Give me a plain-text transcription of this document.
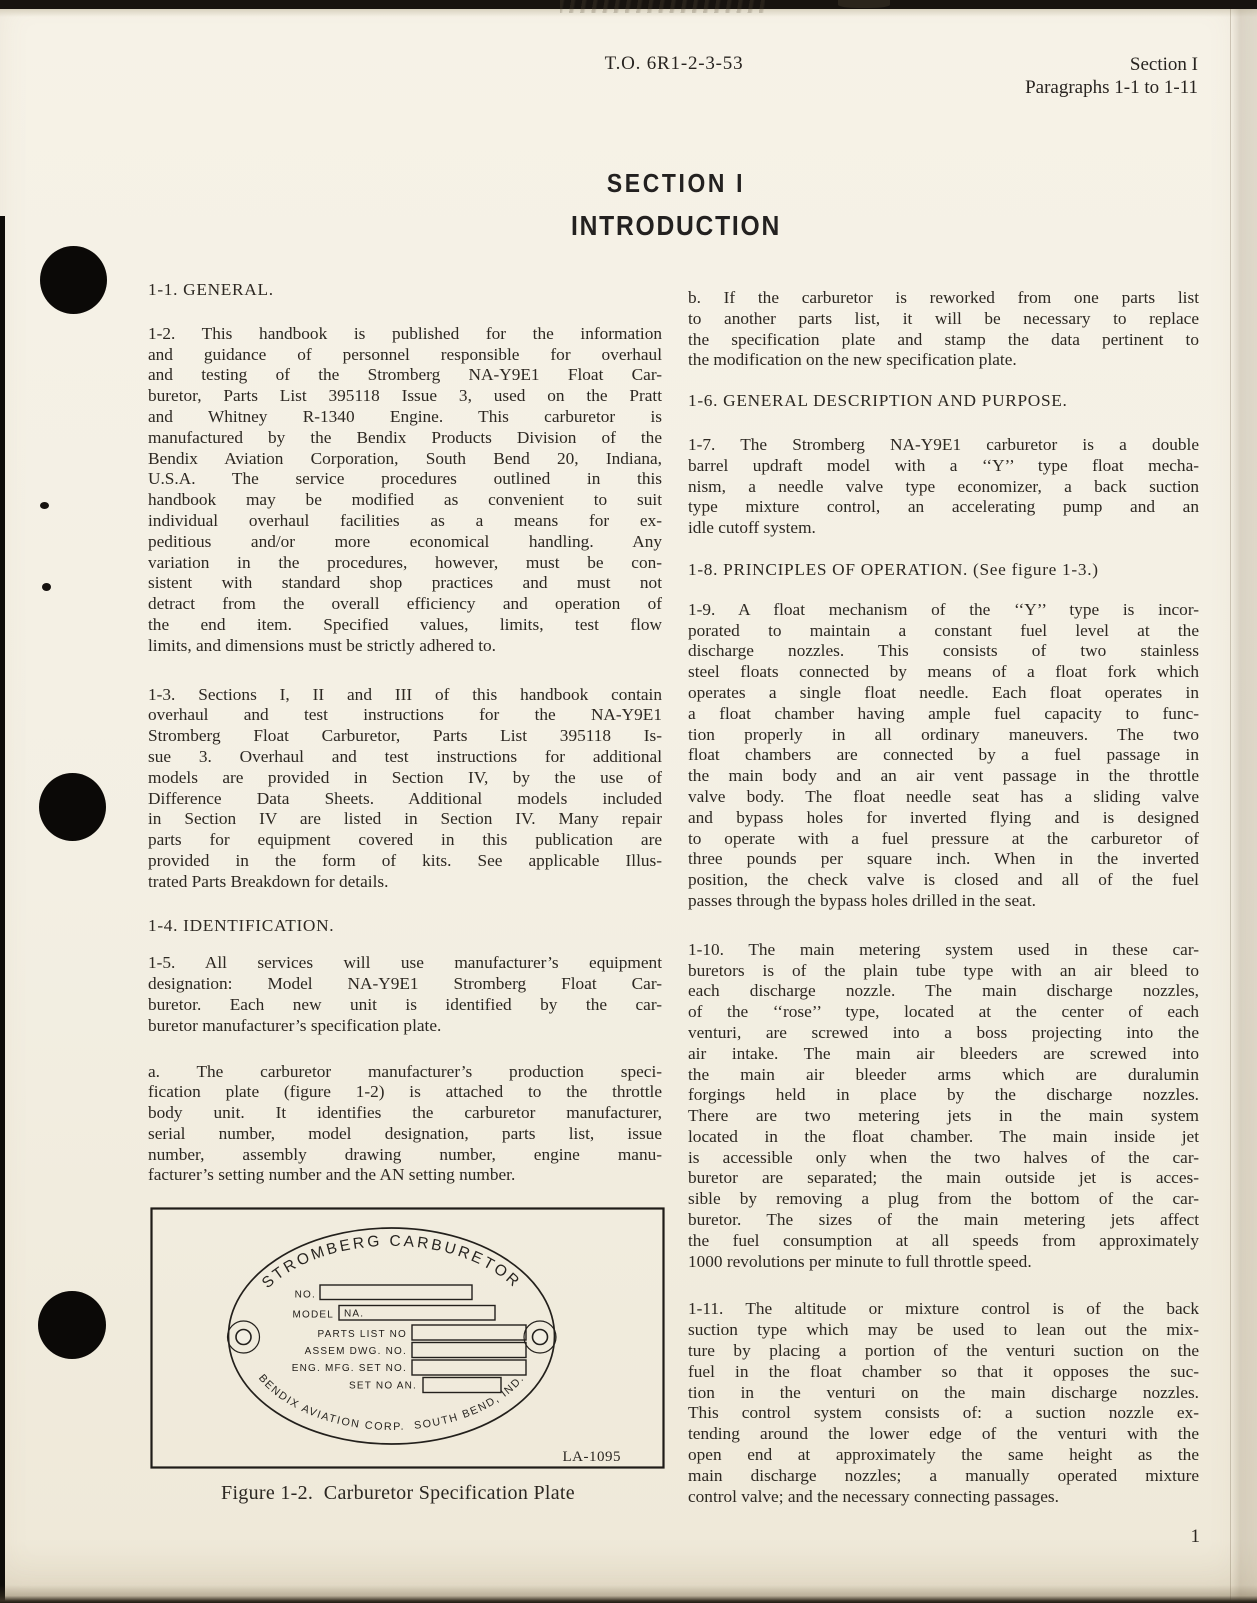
T.O. 6R1-2-3-53	Section I
Paragraphs 1-1 to 1-11
SECTION I
INTRODUCTION
1-1. GENERAL.
1-2. This handbook is published for the information
and guidance of personnel responsible for overhaul
and testing of the Stromberg NA-Y9E1 Float Car-
buretor, Parts List 395118 Issue 3, used on the Pratt
and Whitney R-1340 Engine. This carburetor is
manufactured by the Bendix Products Division of the
Bendix Aviation Corporation, South Bend 20, Indiana,
U.S.A. The service procedures outlined in this
handbook may be modified as convenient to suit
individual overhaul facilities as a means for ex-
peditious and/or more economical handling. Any
variation in the procedures, however, must be con-
sistent with standard shop practices and must not
detract from the overall efficiency and operation of
the end item. Specified values, limits, test flow
limits, and dimensions must be strictly adhered to.
1-3. Sections I, II and III of this handbook contain
overhaul and test instructions for the NA-Y9E1
Stromberg Float Carburetor, Parts List 395118 Is-
sue 3. Overhaul and test instructions for additional
models are provided in Section IV, by the use of
Difference Data Sheets. Additional models included
in Section IV are listed in Section IV. Many repair
parts for equipment covered in this publication are
provided in the form of kits. See applicable Illus-
trated Parts Breakdown for details.
1-4. IDENTIFICATION.
1-5. All services will use manufacturer’s equipment
designation: Model NA-Y9E1 Stromberg Float Car-
buretor. Each new unit is identified by the car-
buretor manufacturer’s specification plate.
a. The carburetor manufacturer’s production speci-
fication plate (figure 1-2) is attached to the throttle
body unit. It identifies the carburetor manufacturer,
serial number, model designation, parts list, issue
number, assembly drawing number, engine manu-
facturer’s setting number and the AN setting number.
b. If the carburetor is reworked from one parts list
to another parts list, it will be necessary to replace
the specification plate and stamp the data pertinent to
the modification on the new specification plate.
1-6. GENERAL DESCRIPTION AND PURPOSE.
1-7. The Stromberg NA-Y9E1 carburetor is a double
barrel updraft model with a ‘‘Y’’ type float mecha-
nism, a needle valve type economizer, a back suction
type mixture control, an accelerating pump and an
idle cutoff system.
1-8. PRINCIPLES OF OPERATION. (See figure 1-3.)
1-9. A float mechanism of the ‘‘Y’’ type is incor-
porated to maintain a constant fuel level at the
discharge nozzles. This consists of two stainless
steel floats connected by means of a float fork which
operates a single float needle. Each float operates in
a float chamber having ample fuel capacity to func-
tion properly in all ordinary maneuvers. The two
float chambers are connected by a fuel passage in
the main body and an air vent passage in the throttle
valve body. The float needle seat has a sliding valve
and bypass holes for inverted flying and is designed
to operate with a fuel pressure at the carburetor of
three pounds per square inch. When in the inverted
position, the check valve is closed and all of the fuel
passes through the bypass holes drilled in the seat.
1-10. The main metering system used in these car-
buretors is of the plain tube type with an air bleed to
each discharge nozzle. The main discharge nozzles,
of the ‘‘rose’’ type, located at the center of each
venturi, are screwed into a boss projecting into the
air intake. The main air bleeders are screwed into
the main air bleeder arms which are duralumin
forgings held in place by the discharge nozzles.
There are two metering jets in the main system
located in the float chamber. The main inside jet
is accessible only when the two halves of the car-
buretor are separated; the main outside jet is acces-
sible by removing a plug from the bottom of the car-
buretor. The sizes of the main metering jets affect
the fuel consumption at all speeds from approximately
1000 revolutions per minute to full throttle speed.
1-11. The altitude or mixture control is of the back
suction type which may be used to lean out the mix-
ture by placing a portion of the venturi suction on the
fuel in the float chamber so that it opposes the suc-
tion in the venturi on the main discharge nozzles.
This control system consists of: a suction nozzle ex-
tending around the lower edge of the venturi with the
open end at approximately the same height as the
main discharge nozzles; a manually operated mixture
control valve; and the necessary connecting passages.
STROMBERG CARBURETOR
BENDIX AVIATION CORP.  SOUTH BEND, IND.
NO.
MODEL NA.
PARTS LIST NO
ASSEM DWG. NO.
ENG. MFG. SET NO.
SET NO AN.
LA-1095
Figure 1-2.  Carburetor Specification Plate
1
